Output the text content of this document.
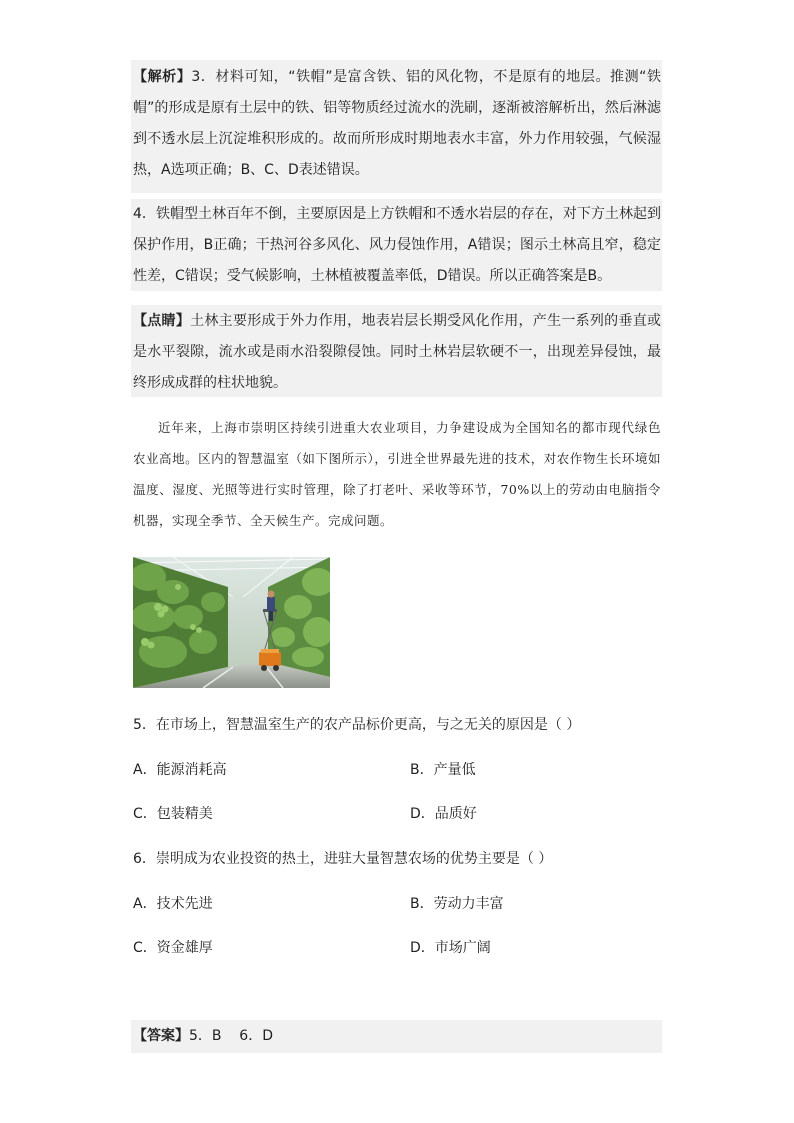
【解析】3．材料可知，“铁帽”是富含铁、铝的风化物，不是原有的地层。推测“铁帽”的形成是原有土层中的铁、铝等物质经过流水的洗刷，逐渐被溶解析出，然后淋滤到不透水层上沉淀堆积形成的。故而所形成时期地表水丰富，外力作用较强，气候湿热，A选项正确；B、C、D表述错误。
4．铁帽型土林百年不倒，主要原因是上方铁帽和不透水岩层的存在，对下方土林起到保护作用，B正确；干热河谷多风化、风力侵蚀作用，A错误；图示土林高且窄，稳定性差，C错误；受气候影响，土林植被覆盖率低，D错误。所以正确答案是B。
【点睛】土林主要形成于外力作用，地表岩层长期受风化作用，产生一系列的垂直或是水平裂隙，流水或是雨水沿裂隙侵蚀。同时土林岩层软硬不一，出现差异侵蚀，最终形成成群的柱状地貌。
近年来，上海市崇明区持续引进重大农业项目，力争建设成为全国知名的都市现代绿色农业高地。区内的智慧温室（如下图所示），引进全世界最先进的技术，对农作物生长环境如温度、湿度、光照等进行实时管理，除了打老叶、采收等环节，70%以上的劳动由电脑指令机器，实现全季节、全天候生产。完成问题。
5．在市场上，智慧温室生产的农产品标价更高，与之无关的原因是（ ）
A．能源消耗高	B．产量低
C．包装精美	D．品质好
6．崇明成为农业投资的热土，进驻大量智慧农场的优势主要是（ ）
A．技术先进	B．劳动力丰富
C．资金雄厚	D．市场广阔
【答案】5．B    6．D
